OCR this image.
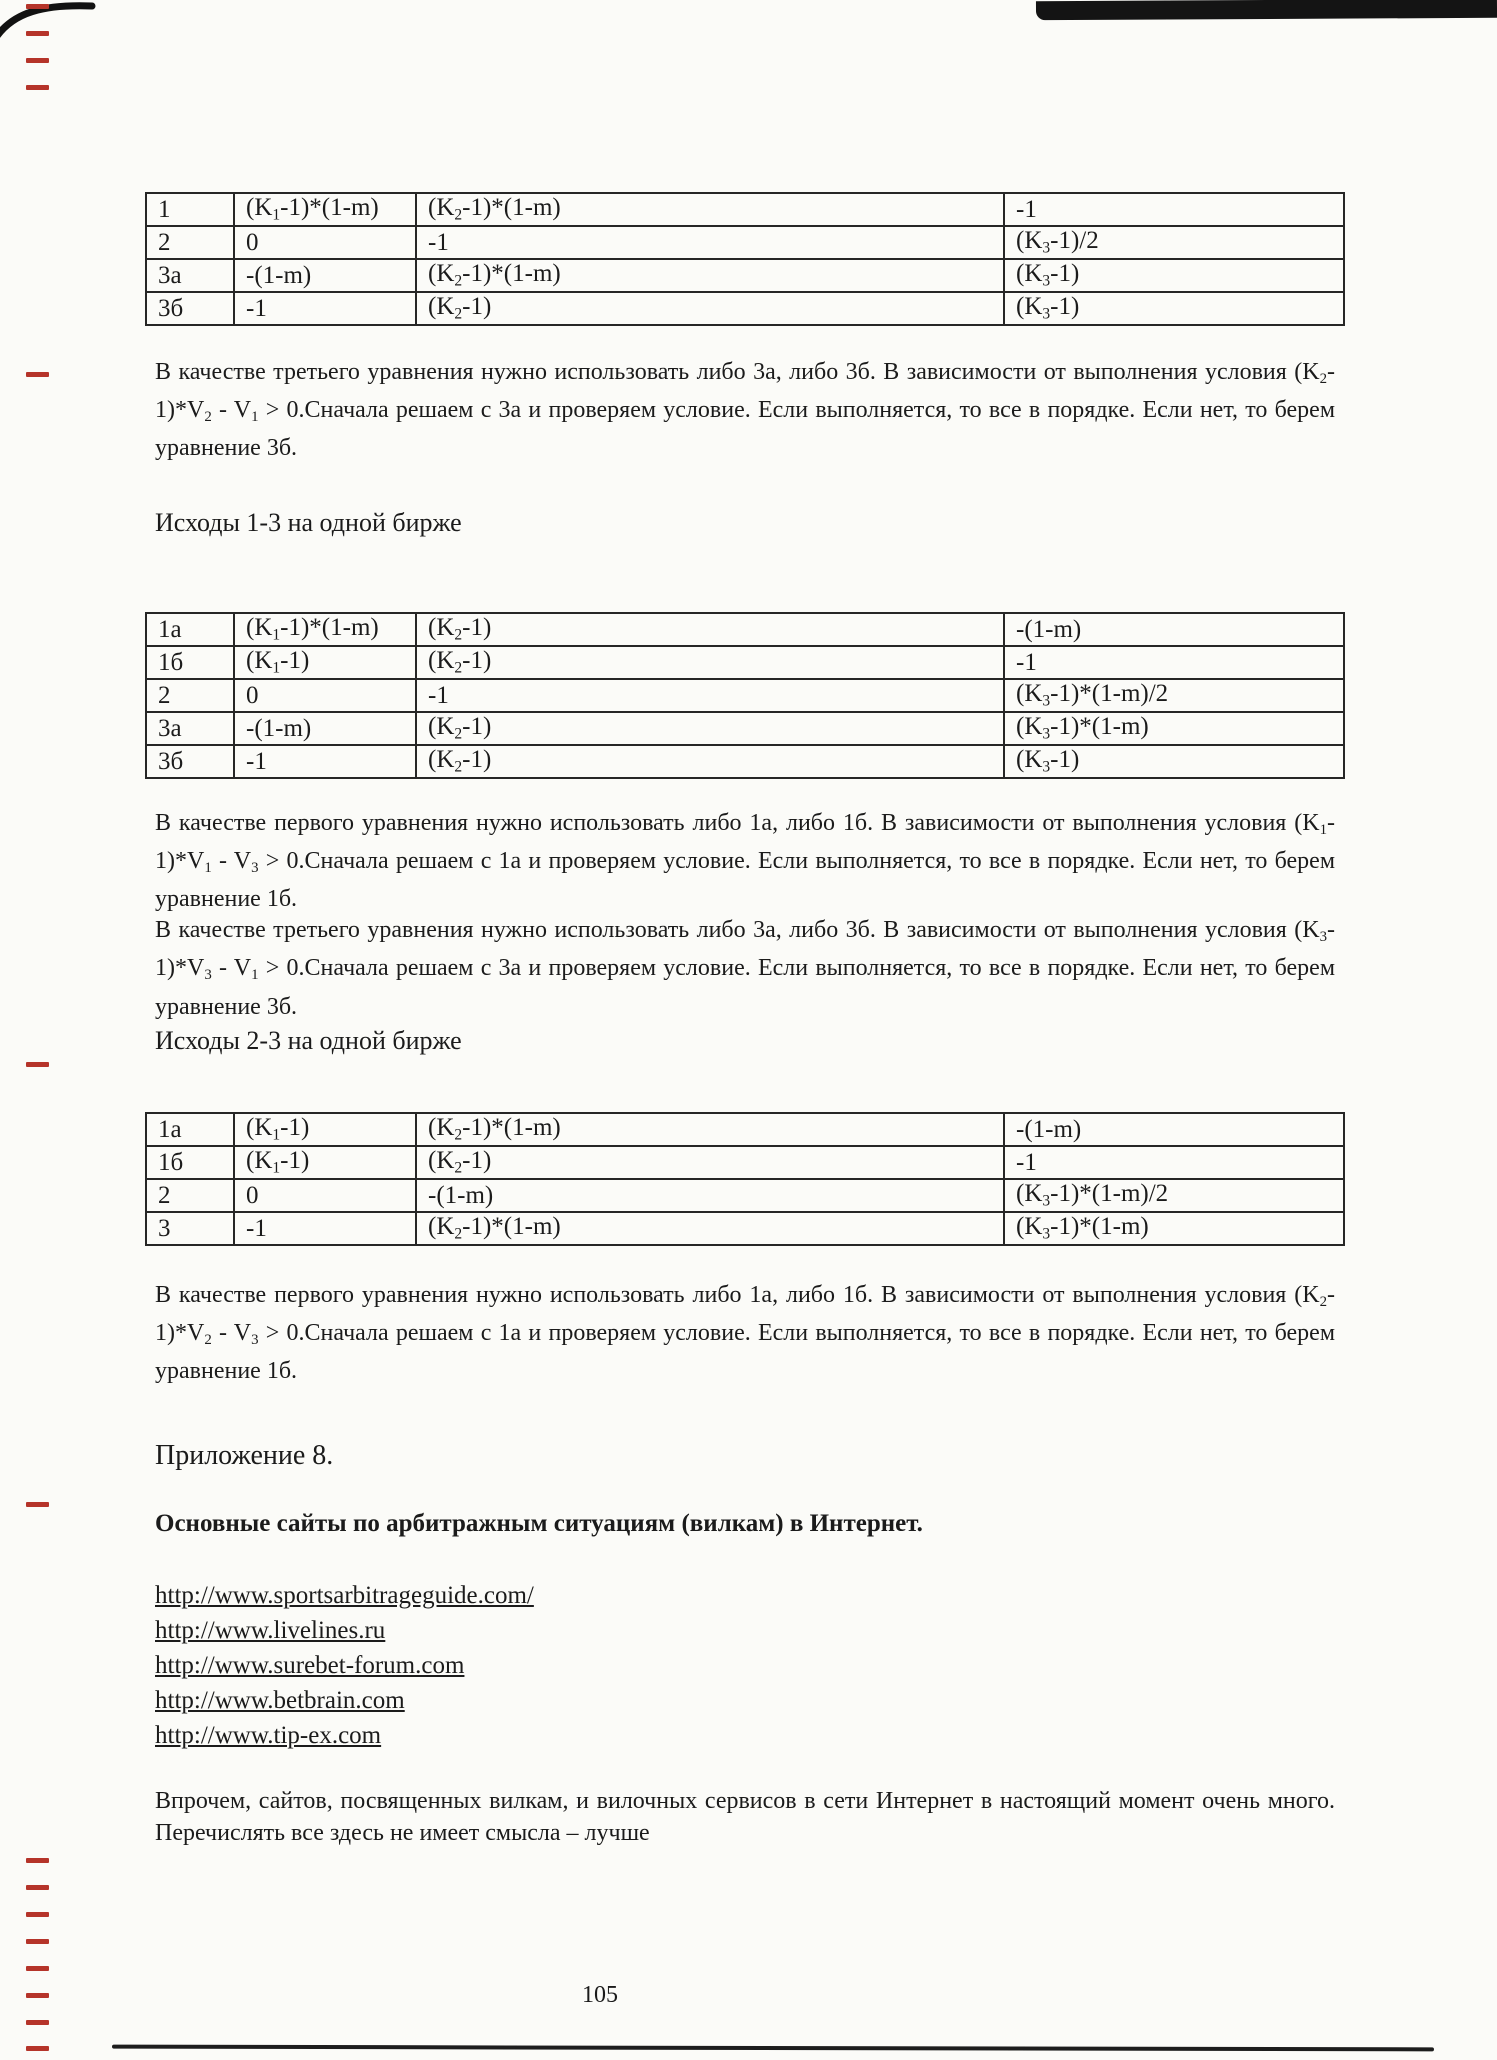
1	$(K_1-1)*(1-m)$	$(K_2-1)*(1-m)$	-1
2	0	-1	$(K_3-1)/2$
3а	-(1-m)	$(K_2-1)*(1-m)$	$(K_3-1)$
3б	-1	$(K_2-1)$	$(K_3-1)$
В качестве третьего уравнения нужно использовать либо 3а, либо 3б. В зависимости от выполнения условия $(K_2-1)*V_2 - V_1$ > 0.Сначала решаем с 3а и проверяем условие. Если выполняется, то все в порядке. Если нет, то берем уравнение 3б.
Исходы 1-3 на одной бирже
1а	$(K_1-1)*(1-m)$	$(K_2-1)$	-(1-m)
1б	$(K_1-1)$	$(K_2-1)$	-1
2	0	-1	$(K_3-1)*(1-m)/2$
3а	-(1-m)	$(K_2-1)$	$(K_3-1)*(1-m)$
3б	-1	$(K_2-1)$	$(K_3-1)$

В качестве первого уравнения нужно использовать либо 1а, либо 1б. В зависимости от выполнения условия $(K_1-1)*V_1 - V_3$ > 0.Сначала решаем с 1а и проверяем условие. Если выполняется, то все в порядке. Если нет, то берем уравнение 1б.

В качестве третьего уравнения нужно использовать либо 3а, либо 3б. В зависимости от выполнения условия $(K_3-1)*V_3 - V_1$ > 0.Сначала решаем с 3а и проверяем условие. Если выполняется, то все в порядке. Если нет, то берем уравнение 3б.

Исходы 2-3 на одной бирже
1а	$(K_1-1)$	$(K_2-1)*(1-m)$	-(1-m)
1б	$(K_1-1)$	$(K_2-1)$	-1
2	0	-(1-m)	$(K_3-1)*(1-m)/2$
3	-1	$(K_2-1)*(1-m)$	$(K_3-1)*(1-m)$
В качестве первого уравнения нужно использовать либо 1а, либо 1б. В зависимости от выполнения условия $(K_2-1)*V_2 - V_3$ > 0.Сначала решаем с 1а и проверяем условие. Если выполняется, то все в порядке. Если нет, то берем уравнение 1б.
Приложение 8.
Основные сайты по арбитражным ситуациям (вилкам) в Интернет.
http://www.sportsarbitrageguide.com/
http://www.livelines.ru
http://www.surebet-forum.com
http://www.betbrain.com
http://www.tip-ex.com
Впрочем, сайтов, посвященных вилкам, и вилочных сервисов в сети Интернет в настоящий момент очень много. Перечислять все здесь не имеет смысла – лучше
105
